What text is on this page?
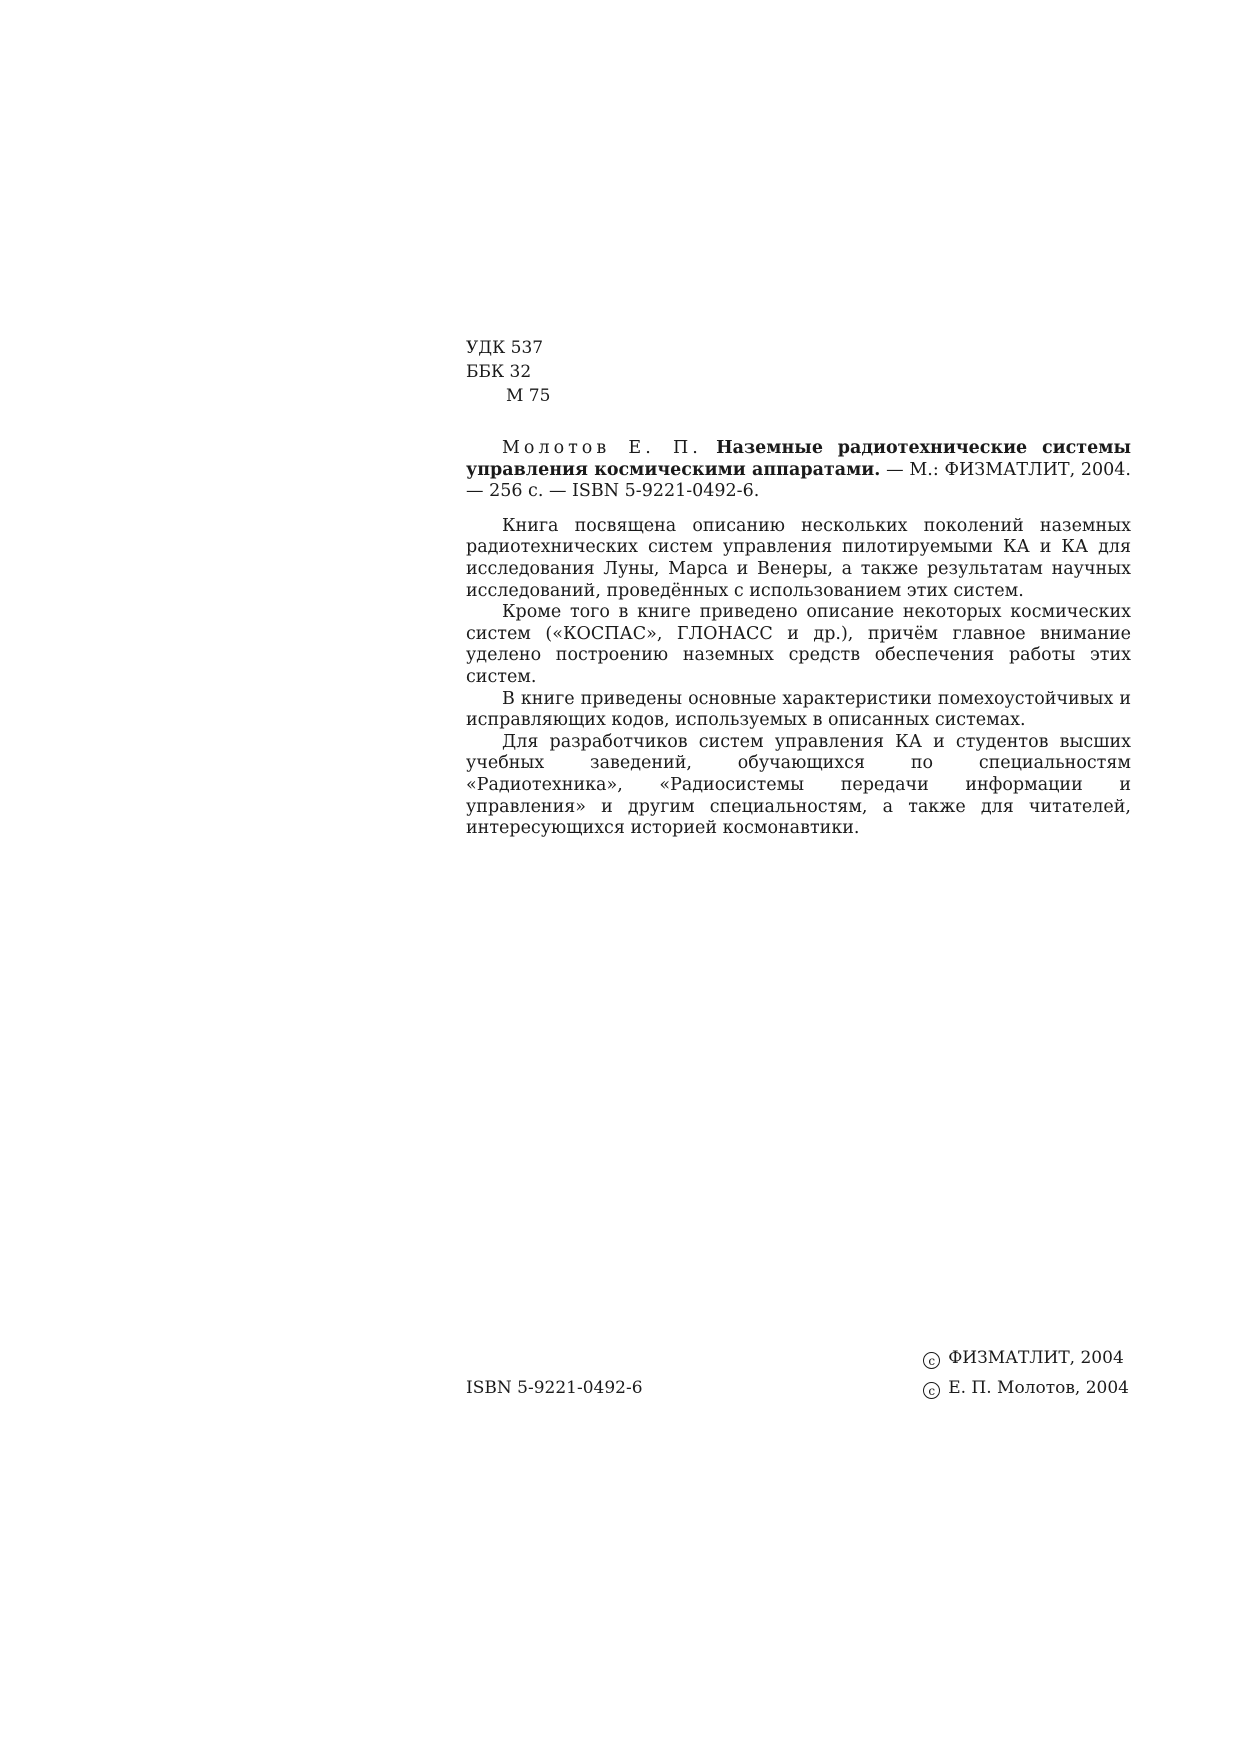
УДК 537
ББК 32
М 75
Молотов Е. П. Наземные радиотехнические системы управления космическими аппаратами. — М.: ФИЗМАТЛИТ, 2004. — 256 с. — ISBN 5-9221-0492-6.

Книга посвящена описанию нескольких поколений наземных радиотехнических систем управления пилотируемыми КА и КА для исследования Луны, Марса и Венеры, а также результатам научных исследований, проведённых с использованием этих систем.

Кроме того в книге приведено описание некоторых космических систем («КОСПАС», ГЛОНАСС и др.), причём главное внимание уделено построению наземных средств обеспечения работы этих систем.

В книге приведены основные характеристики помехоустойчивых и исправляющих кодов, используемых в описанных системах.

Для разработчиков систем управления КА и студентов высших учебных заведений, обучающихся по специальностям «Радиотехника», «Радиосистемы передачи информации и управления» и другим специальностям, а также для читателей, интересующихся историей космонавтики.

ISBN 5-9221-0492-6
c ФИЗМАТЛИТ, 2004
c Е. П. Молотов, 2004
